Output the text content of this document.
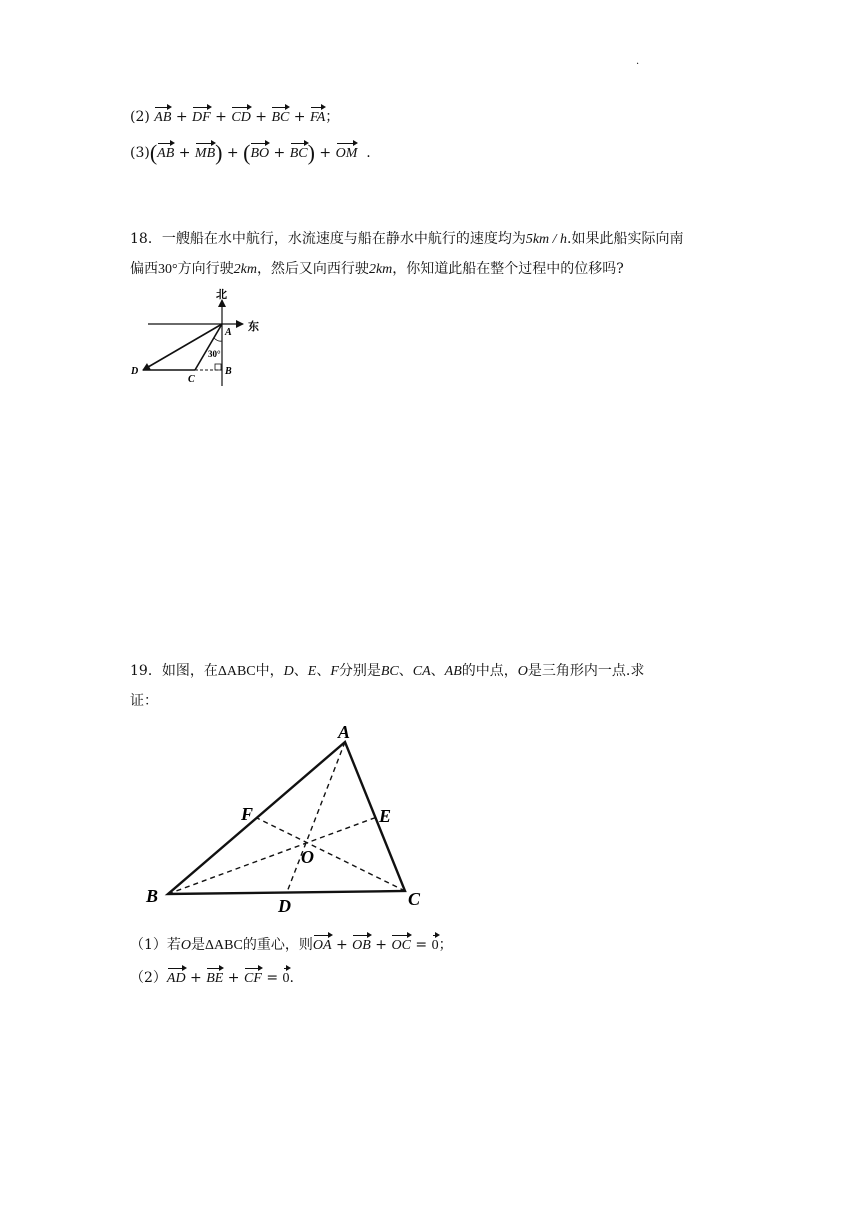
.
(2) AB + DF + CD + BC + FA；
(3)(AB + MB) + (BO + BC) + OM .
18．一艘船在水中航行，水流速度与船在静水中航行的速度均为5km / h.如果此船实际向南
偏西30°方向行驶2km，然后又向西行驶2km，你知道此船在整个过程中的位移吗?
北
东
A
30°
D
C
B
19．如图，在ΔABC中，D、E、F分别是BC、CA、AB的中点，O是三角形内一点.求
证：
A
B	C
D
E
F
O
（1）若O是ΔABC的重心，则OA + OB + OC = 0；
（2）AD + BE + CF = 0.
